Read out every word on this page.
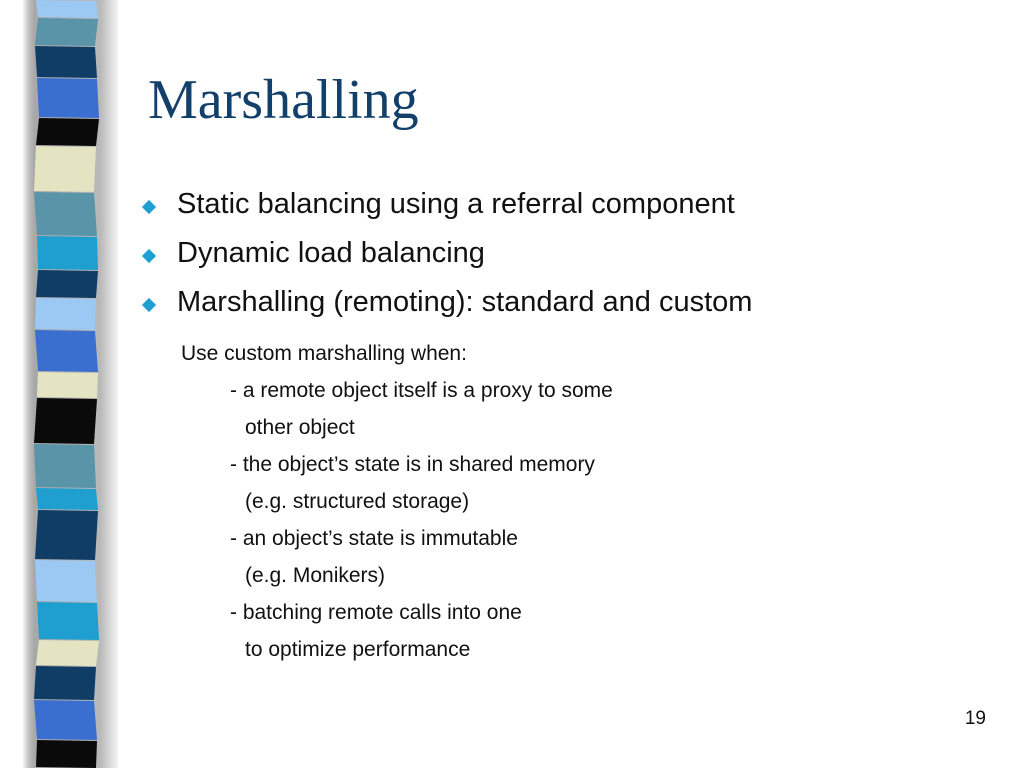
Marshalling
Static balancing using a referral component
Dynamic load balancing
Marshalling (remoting): standard and custom
Use custom marshalling when:
- a remote object itself is a proxy to some
other object
- the object’s state is in shared memory
(e.g. structured storage)
- an object’s state is immutable
(e.g. Monikers)
- batching remote calls into one
to optimize performance
19
